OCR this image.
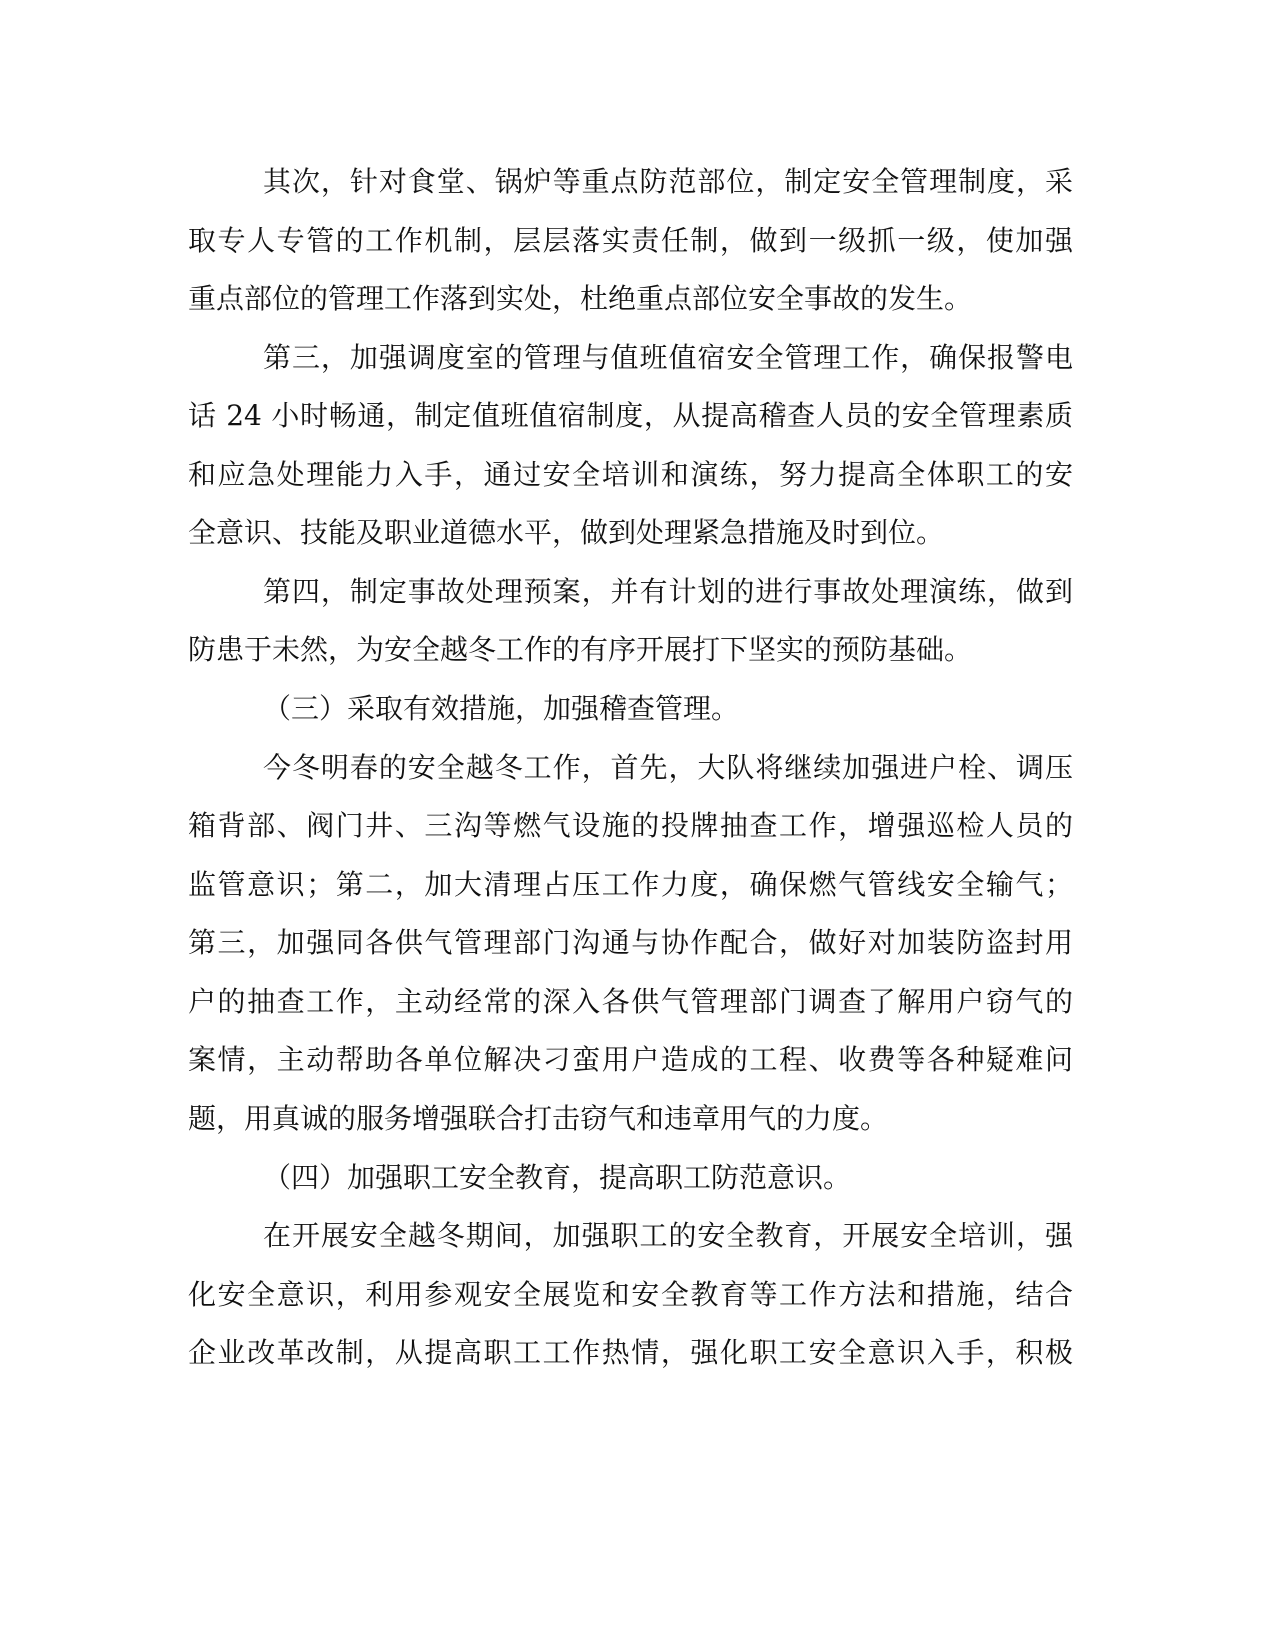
其次，针对食堂、锅炉等重点防范部位，制定安全管理制度，采
取专人专管的工作机制，层层落实责任制，做到一级抓一级，使加强
重点部位的管理工作落到实处，杜绝重点部位安全事故的发生。
第三，加强调度室的管理与值班值宿安全管理工作，确保报警电
话 24 小时畅通，制定值班值宿制度，从提高稽查人员的安全管理素质
和应急处理能力入手，通过安全培训和演练，努力提高全体职工的安
全意识、技能及职业道德水平，做到处理紧急措施及时到位。
第四，制定事故处理预案，并有计划的进行事故处理演练，做到
防患于未然，为安全越冬工作的有序开展打下坚实的预防基础。
（三）采取有效措施，加强稽查管理。
今冬明春的安全越冬工作，首先，大队将继续加强进户栓、调压
箱背部、阀门井、三沟等燃气设施的投牌抽查工作，增强巡检人员的
监管意识；第二，加大清理占压工作力度，确保燃气管线安全输气；
第三，加强同各供气管理部门沟通与协作配合，做好对加装防盗封用
户的抽查工作，主动经常的深入各供气管理部门调查了解用户窃气的
案情，主动帮助各单位解决刁蛮用户造成的工程、收费等各种疑难问
题，用真诚的服务增强联合打击窃气和违章用气的力度。
（四）加强职工安全教育，提高职工防范意识。
在开展安全越冬期间，加强职工的安全教育，开展安全培训，强
化安全意识，利用参观安全展览和安全教育等工作方法和措施，结合
企业改革改制，从提高职工工作热情，强化职工安全意识入手，积极
